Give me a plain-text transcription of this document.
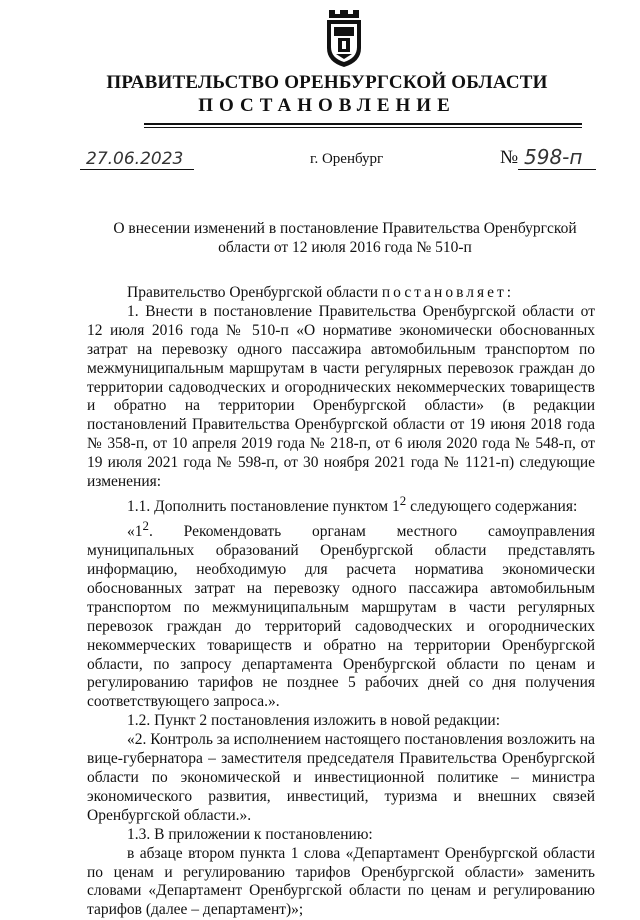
ПРАВИТЕЛЬСТВО ОРЕНБУРГСКОЙ ОБЛАСТИ
ПОСТАНОВЛЕНИЕ
27.06.2023	г. Оренбург	№ 598-п
О внесении изменений в постановление Правительства Оренбургской области от 12 июля 2016 года № 510-п

Правительство Оренбургской области постановляет:

1. Внести в постановление Правительства Оренбургской области от 12 июля 2016 года № 510-п «О нормативе экономически обоснованных затрат на перевозку одного пассажира автомобильным транспортом по межмуниципальным маршрутам в части регулярных перевозок граждан до территории садоводческих и огороднических некоммерческих товариществ и обратно на территории Оренбургской области» (в редакции постановлений Правительства Оренбургской области от 19 июня 2018 года № 358-п, от 10 апреля 2019 года № 218-п, от 6 июля 2020 года № 548-п, от 19 июля 2021 года № 598-п, от 30 ноября 2021 года № 1121-п) следующие изменения:

1.1. Дополнить постановление пунктом $1^2$ следующего содержания:

«$1^2$. Рекомендовать органам местного самоуправления муниципальных образований Оренбургской области представлять информацию, необходимую для расчета норматива экономически обоснованных затрат на перевозку одного пассажира автомобильным транспортом по межмуниципальным маршрутам в части регулярных перевозок граждан до территорий садоводческих и огороднических некоммерческих товариществ и обратно на территории Оренбургской области, по запросу департамента Оренбургской области по ценам и регулированию тарифов не позднее 5 рабочих дней со дня получения соответствующего запроса.».

1.2. Пункт 2 постановления изложить в новой редакции:

«2. Контроль за исполнением настоящего постановления возложить на вице-губернатора – заместителя председателя Правительства Оренбургской области по экономической и инвестиционной политике – министра экономического развития, инвестиций, туризма и внешних связей Оренбургской области.».

1.3. В приложении к постановлению:

в абзаце втором пункта 1 слова «Департамент Оренбургской области по ценам и регулированию тарифов Оренбургской области» заменить словами «Департамент Оренбургской области по ценам и регулированию тарифов (далее – департамент)»;
